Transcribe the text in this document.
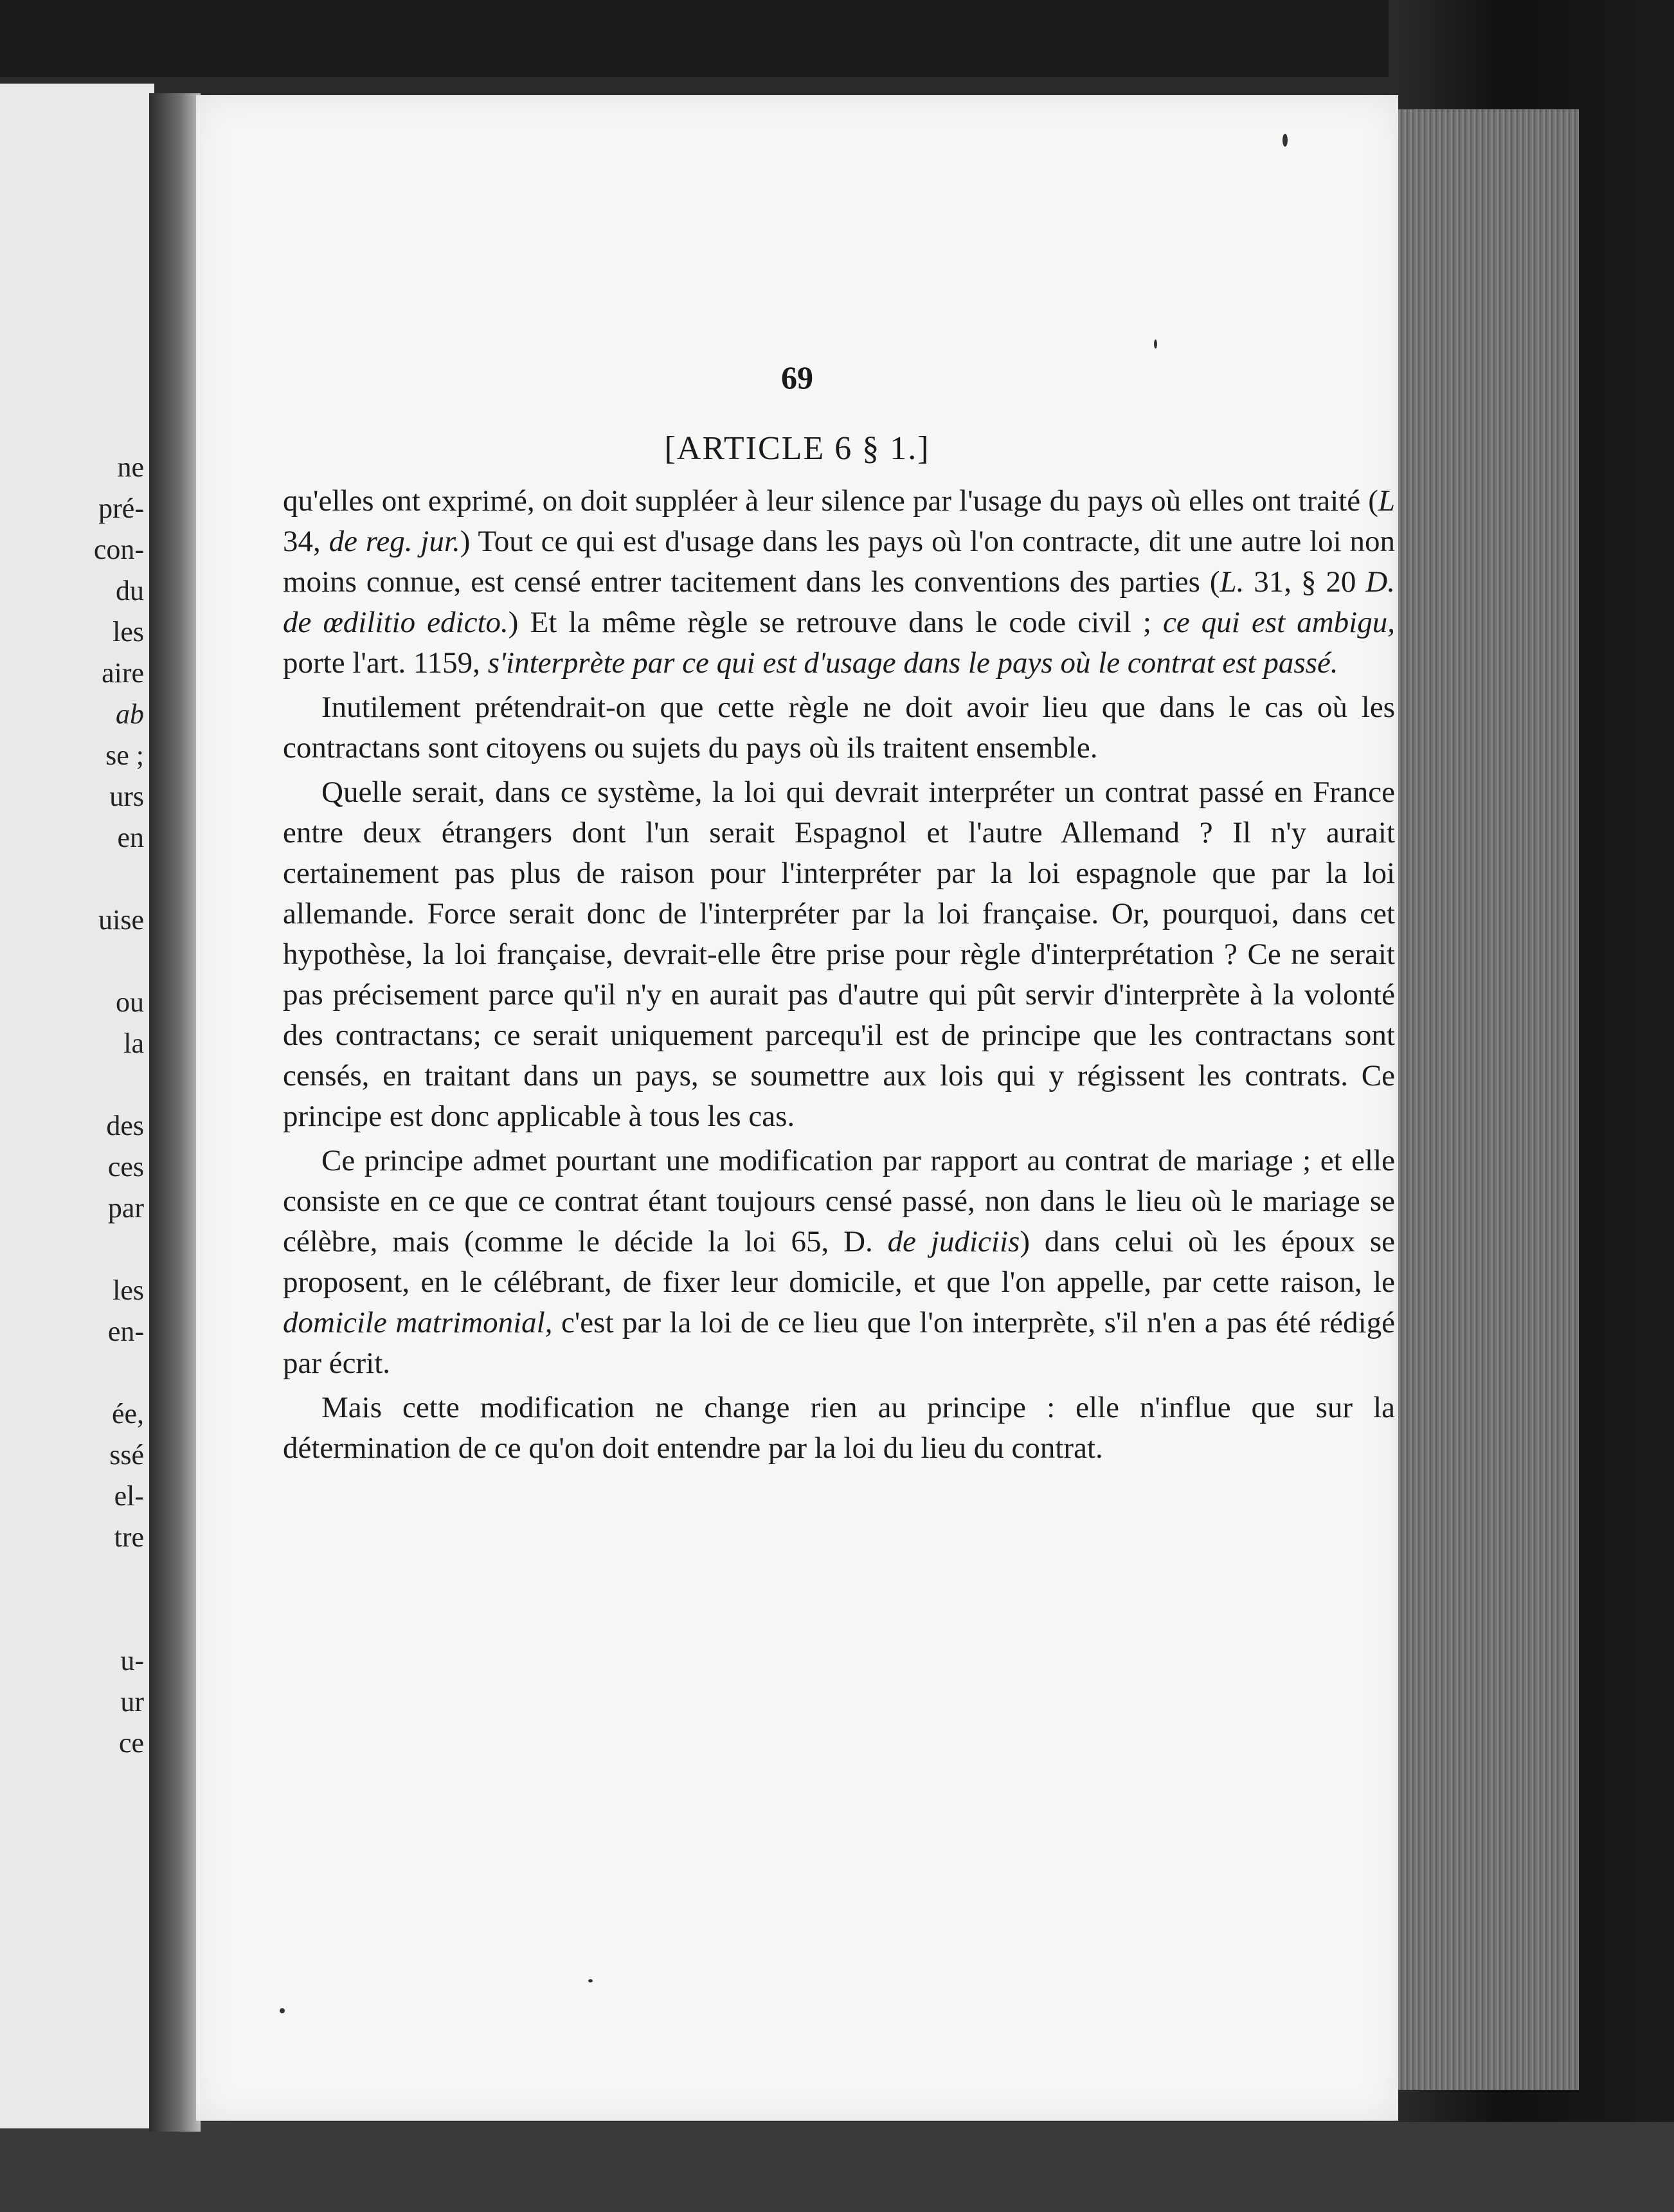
ne
pré-
con-
du
les
aire
ab
se ;
urs
en
uise
ou
la
des
ces
par
les
en-
ée,
ssé
el-
tre
u-
ur
ce
69
[ARTICLE 6 § 1.]

qu'elles ont exprimé, on doit suppléer à leur silence par l'usage du pays où elles ont traité (L 34, de reg. jur.) Tout ce qui est d'usage dans les pays où l'on contracte, dit une autre loi non moins connue, est censé entrer tacitement dans les conventions des parties (L. 31, § 20 D. de œdilitio edicto.) Et la même règle se retrouve dans le code civil ; ce qui est ambigu, porte l'art. 1159, s'interprète par ce qui est d'usage dans le pays où le contrat est passé.

Inutilement prétendrait-on que cette règle ne doit avoir lieu que dans le cas où les contractans sont citoyens ou sujets du pays où ils traitent ensemble.

Quelle serait, dans ce système, la loi qui devrait interpréter un contrat passé en France entre deux étrangers dont l'un serait Espagnol et l'autre Allemand ? Il n'y aurait certainement pas plus de raison pour l'interpréter par la loi espagnole que par la loi allemande. Force serait donc de l'interpréter par la loi française. Or, pourquoi, dans cet hypothèse, la loi française, devrait-elle être prise pour règle d'interprétation ? Ce ne serait pas précisement parce qu'il n'y en aurait pas d'autre qui pût servir d'interprète à la volonté des contractans; ce serait uniquement parcequ'il est de principe que les contractans sont censés, en traitant dans un pays, se soumettre aux lois qui y régissent les contrats. Ce principe est donc applicable à tous les cas.

Ce principe admet pourtant une modification par rapport au contrat de mariage ; et elle consiste en ce que ce contrat étant toujours censé passé, non dans le lieu où le mariage se célèbre, mais (comme le décide la loi 65, D. de judiciis) dans celui où les époux se proposent, en le célébrant, de fixer leur domicile, et que l'on appelle, par cette raison, le domicile matrimonial, c'est par la loi de ce lieu que l'on interprète, s'il n'en a pas été rédigé par écrit.

Mais cette modification ne change rien au principe : elle n'influe que sur la détermination de ce qu'on doit entendre par la loi du lieu du contrat.
